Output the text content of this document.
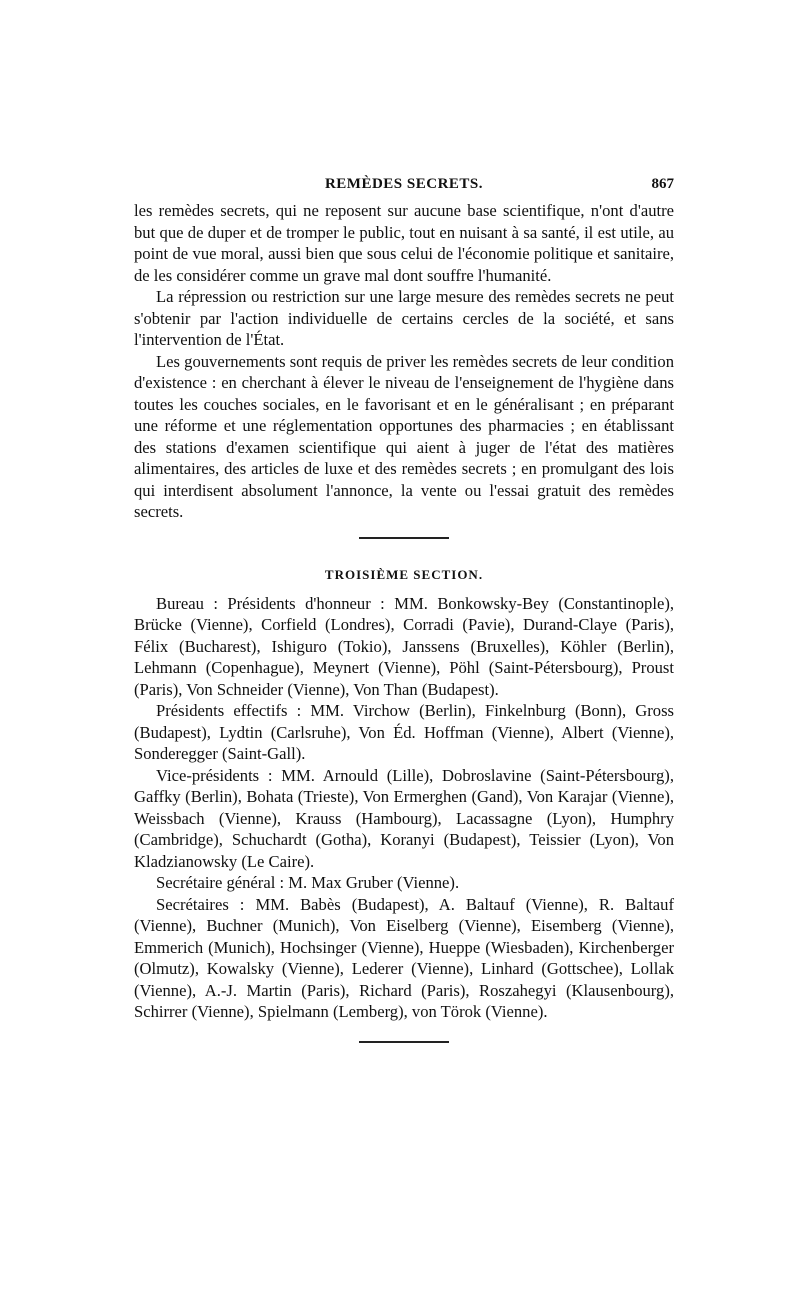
REMÈDES SECRETS.	867

les remèdes secrets, qui ne reposent sur aucune base scientifique, n'ont d'autre but que de duper et de tromper le public, tout en nuisant à sa santé, il est utile, au point de vue moral, aussi bien que sous celui de l'économie politique et sanitaire, de les considérer comme un grave mal dont souffre l'humanité.

La répression ou restriction sur une large mesure des remèdes secrets ne peut s'obtenir par l'action individuelle de certains cercles de la société, et sans l'intervention de l'État.

Les gouvernements sont requis de priver les remèdes secrets de leur condition d'existence : en cherchant à élever le niveau de l'enseignement de l'hygiène dans toutes les couches sociales, en le favorisant et en le généralisant ; en préparant une réforme et une réglementation opportunes des pharmacies ; en établissant des stations d'examen scientifique qui aient à juger de l'état des matières alimentaires, des articles de luxe et des remèdes secrets ; en promulgant des lois qui interdisent absolument l'annonce, la vente ou l'essai gratuit des remèdes secrets.

TROISIÈME SECTION.

Bureau : Présidents d'honneur : MM. Bonkowsky-Bey (Constantinople), Brücke (Vienne), Corfield (Londres), Corradi (Pavie), Durand-Claye (Paris), Félix (Bucharest), Ishiguro (Tokio), Janssens (Bruxelles), Köhler (Berlin), Lehmann (Copenhague), Meynert (Vienne), Pöhl (Saint-Pétersbourg), Proust (Paris), Von Schneider (Vienne), Von Than (Budapest).

Présidents effectifs : MM. Virchow (Berlin), Finkelnburg (Bonn), Gross (Budapest), Lydtin (Carlsruhe), Von Éd. Hoffman (Vienne), Albert (Vienne), Sonderegger (Saint-Gall).

Vice-présidents : MM. Arnould (Lille), Dobroslavine (Saint-Pétersbourg), Gaffky (Berlin), Bohata (Trieste), Von Ermerghen (Gand), Von Karajar (Vienne), Weissbach (Vienne), Krauss (Hambourg), Lacassagne (Lyon), Humphry (Cambridge), Schuchardt (Gotha), Koranyi (Budapest), Teissier (Lyon), Von Kladzianowsky (Le Caire).

Secrétaire général : M. Max Gruber (Vienne).

Secrétaires : MM. Babès (Budapest), A. Baltauf (Vienne), R. Baltauf (Vienne), Buchner (Munich), Von Eiselberg (Vienne), Eisemberg (Vienne), Emmerich (Munich), Hochsinger (Vienne), Hueppe (Wiesbaden), Kirchenberger (Olmutz), Kowalsky (Vienne), Lederer (Vienne), Linhard (Gottschee), Lollak (Vienne), A.-J. Martin (Paris), Richard (Paris), Roszahegyi (Klausenbourg), Schirrer (Vienne), Spielmann (Lemberg), von Törok (Vienne).
